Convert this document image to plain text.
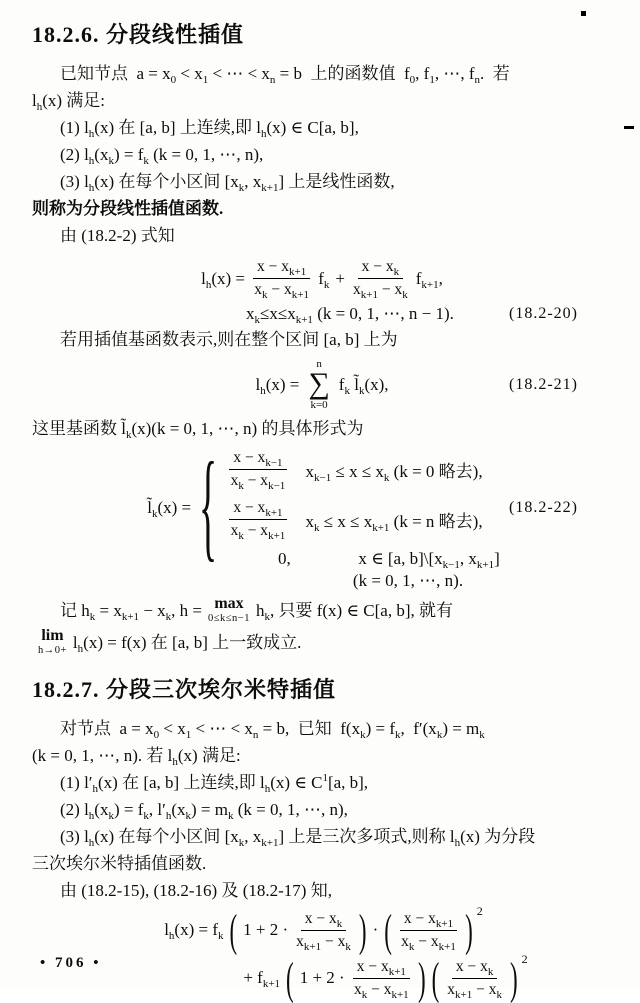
18.2.6. 分段线性插值

已知节点  $a = x_0 < x_1$ < ⋯ < $x_n = b$  上的函数值  $f_0$, $f_1$, ⋯, $f_n$.  若

$l_h(x)$ 满足:

(1) $l_h(x)$ 在 [a, b] 上连续,即 $l_h(x)$ ∈ C[a, b],

(2) $l_h(x_k) = f_k$ (k = 0, 1, ⋯, n),

(3) $l_h(x)$ 在每个小区间 [$x_k$, $x_{k+1}$] 上是线性函数,

则称为分段线性插值函数.

由 (18.2-2) 式知

$l_h(x) = \frac{x - x_{k+1}}{x_k - x_{k+1}} f_k + \frac{x - x_k}{x_{k+1} - x_k} f_{k+1}$,
$x_k\le x\le x_{k+1}$ (k = 0, 1, ⋯, n − 1).	(18.2-20)

若用插值基函数表示,则在整个区间 [a, b] 上为

$l_h(x)$ =
n
∑
k=0
$f_k$ $l̃_k(x)$,	(18.2-21)

这里基函数 $l̃_k(x)(k = 0$, 1, ⋯, n) 的具体形式为

$l̃_k(x)$ = { $\frac{x - x_{k-1}}{x_k - x_{k-1}} x_{k-1} \le x \le x_k$ (k = 0 略去),
$\frac{x - x_{k+1}}{x_k - x_{k+1}} x_k \le x \le x_{k+1}$ (k = n 略去),
0,	x ∈ [a, $b]\backslash[x_{k-1}$, $x_{k+1}$]
(18.2-22)
(k = 0, 1, ⋯, n).
记 $h_k = x_{k+1} - x_k$, h = max
0≤k≤n−1 $h_k$, 只要 f(x) ∈ C[a, b], 就有
lim
$h\to 0+ l_h(x) = f(x)$ 在 [a, b] 上一致成立.
18.2.7. 分段三次埃尔米特插值

对节点  $a = x_0 < x_1$ < ⋯ < $x_n = b$,  已知  $f(x_k) = f_k$,  $f'(x_k) = m_k$

(k = 0, 1, ⋯, n). 若 $l_h(x)$ 满足:

(1) $l'_h(x)$ 在 [a, b] 上连续,即 $l_h(x)$ ∈ $C^1[a$, b],

(2) $l_h(x_k) = f_k$, $l'_h(x_k) = m_k$ (k = 0, 1, ⋯, n),

(3) $l_h(x)$ 在每个小区间 [$x_k$, $x_{k+1}$] 上是三次多项式,则称 $l_h(x)$ 为分段

三次埃尔米特插值函数.

由 (18.2-15), (18.2-16) 及 (18.2-17) 知,

$l_h(x) = f_k$ ( $1 + 2 \cdot \frac{x - x_k}{x_{k+1} - x_k}$ ) · ( $\frac{x - x_{k+1}}{x_k - x_{k+1}}$ ) 2
+ $f_{k+1}$ ( $1 + 2 \cdot \frac{x - x_{k+1}}{x_k - x_{k+1}}$ ) ( $\frac{x - x_k}{x_{k+1} - x_k}$ ) 2
• 706 •
